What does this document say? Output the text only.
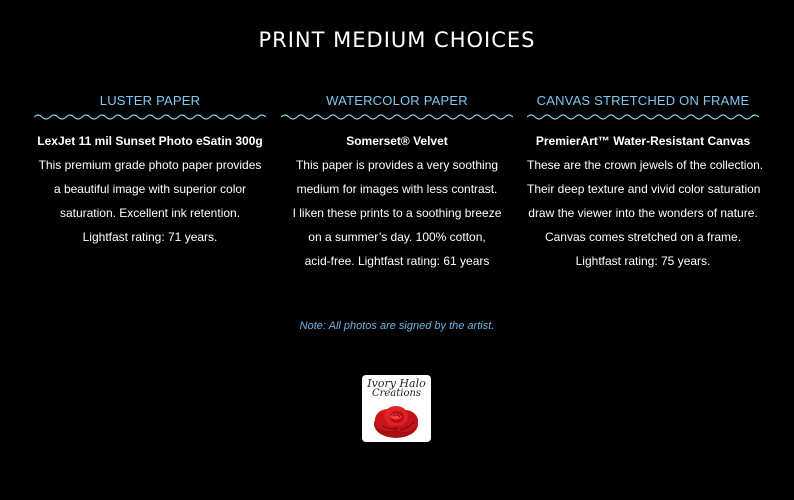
PRINT MEDIUM CHOICES
LUSTER PAPER
LexJet 11 mil Sunset Photo eSatin 300g
This premium grade photo paper provides
a beautiful image with superior color
saturation. Excellent ink retention.
Lightfast rating: 71 years.
WATERCOLOR PAPER
Somerset® Velvet
This paper is provides a very soothing
medium for images with less contrast.
I liken these prints to a soothing breeze
on a summer’s day. 100% cotton,
acid-free. Lightfast rating: 61 years
CANVAS STRETCHED ON FRAME
PremierArt™ Water-Resistant Canvas
These are the crown jewels of the collection.
Their deep texture and vivid color saturation
draw the viewer into the wonders of nature.
Canvas comes stretched on a frame.
Lightfast rating: 75 years.
Note: All photos are signed by the artist.
Ivory Halo
Creations
